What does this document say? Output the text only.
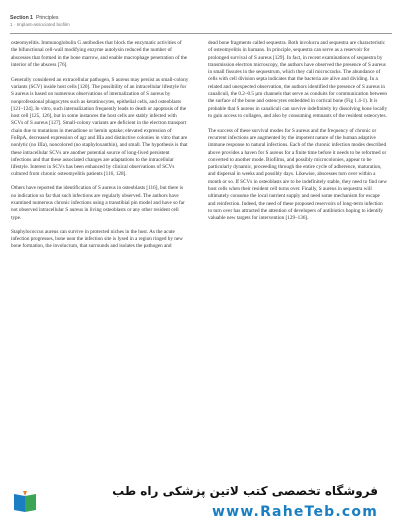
Section 1 Principles
1 · Implant-associated biofilm

osteomyelitis. Immunoglobulin G antibodies that block the enzymatic activities of the bifunctional cell-wall modifying enzyme autolysin reduced the number of abscesses that formed in the bone marrow, and enable macrophage penetration of the interior of the abscess [76].

Generally considered an extracellular pathogen, S aureus may persist as small-colony variants (SCV) inside host cells [120]. The possibility of an intracellular lifestyle for S aureus is based on numerous observations of internalization of S aureus by nonprofessional phagocytes such as keratinocytes, epithelial cells, and osteoblasts [121–124]. In vitro, such internalization frequently leads to death or apoptosis of the host cell [125, 126], but in some instances the host cells are stably infected with SCVs of S aureus [127]. Small-colony variants are deficient in the electron transport chain due to mutations in menadione or hemin uptake; elevated expression of FnBpA, decreased expression of agr and IIIa and distinctive colonies in vitro that are nonlytic (no IIIa), noncolored (no staphyloxanthin), and small. The hypothesis is that these intracellular SCVs are another potential source of long-lived persistent infections and that these associated changes are adaptations to the intracellular lifestyle. Interest in SCVs has been enhanced by clinical observations of SCVs cultured from chronic osteomyelitis patients [116, 128].

Others have reported the identification of S aureus in osteoblasts [116], but there is no indication so far that such infections are regularly observed. The authors have examined numerous chronic infections using a transtibial pin model and have so far not observed intracellular S aureus in living osteoblasts or any other resident cell type.

Staphylococcus aureus can survive in protected niches in the host. As the acute infection progresses, bone near the infection site is lysed in a region ringed by new bone formation, the involucrum, that surrounds and isolates the pathogen and

dead bone fragments called sequestra. Both involucra and sequestra are characteristic of osteomyelitis in humans. In principle, sequestra can serve as a reservoir for prolonged survival of S aureus [129]. In fact, in recent examinations of sequestra by transmission electron microscopy, the authors have observed the presence of S aureus in small fissures in the sequestrum, which they call microcracks. The abundance of cells with cell division septa indicates that the bacteria are alive and dividing. In a related and unexpected observation, the authors identified the presence of S aureus in canaliculi, the 0.2–0.5 µm channels that serve as conduits for communication between the surface of the bone and osteocytes embedded in cortical bone (Fig 1.4-1). It is probable that S aureus in canaliculi can survive indefinitely by dissolving bone locally to gain access to collagen, and also by consuming remnants of the resident osteocytes.

The success of these survival modes for S aureus and the frequency of chronic or recurrent infections are augmented by the impotent nature of the human adaptive immune response to natural infections. Each of the chronic infection modes described above provides a haven for S aureus for a finite time before it needs to be reformed or converted to another mode. Biofilms, and possibly microcolonies, appear to be particularly dynamic, proceeding through the entire cycle of adherence, maturation, and dispersal in weeks and possibly days. Likewise, abscesses turn over within a month or so. If SCVs in osteoblasts are to be indefinitely stable, they need to find new host cells when their resident cell turns over. Finally, S aureus in sequestra will ultimately consume the local nutrient supply and need some mechanism for escape and reinfection. Indeed, the need of these proposed reservoirs of long-term infection to turn over has attracted the attention of developers of antibiotics hoping to identify valuable new targets for intervention [129–136].

فروشگاه تخصصی کتب لاتین پزشکی راه طب
www.RaheTeb.com
